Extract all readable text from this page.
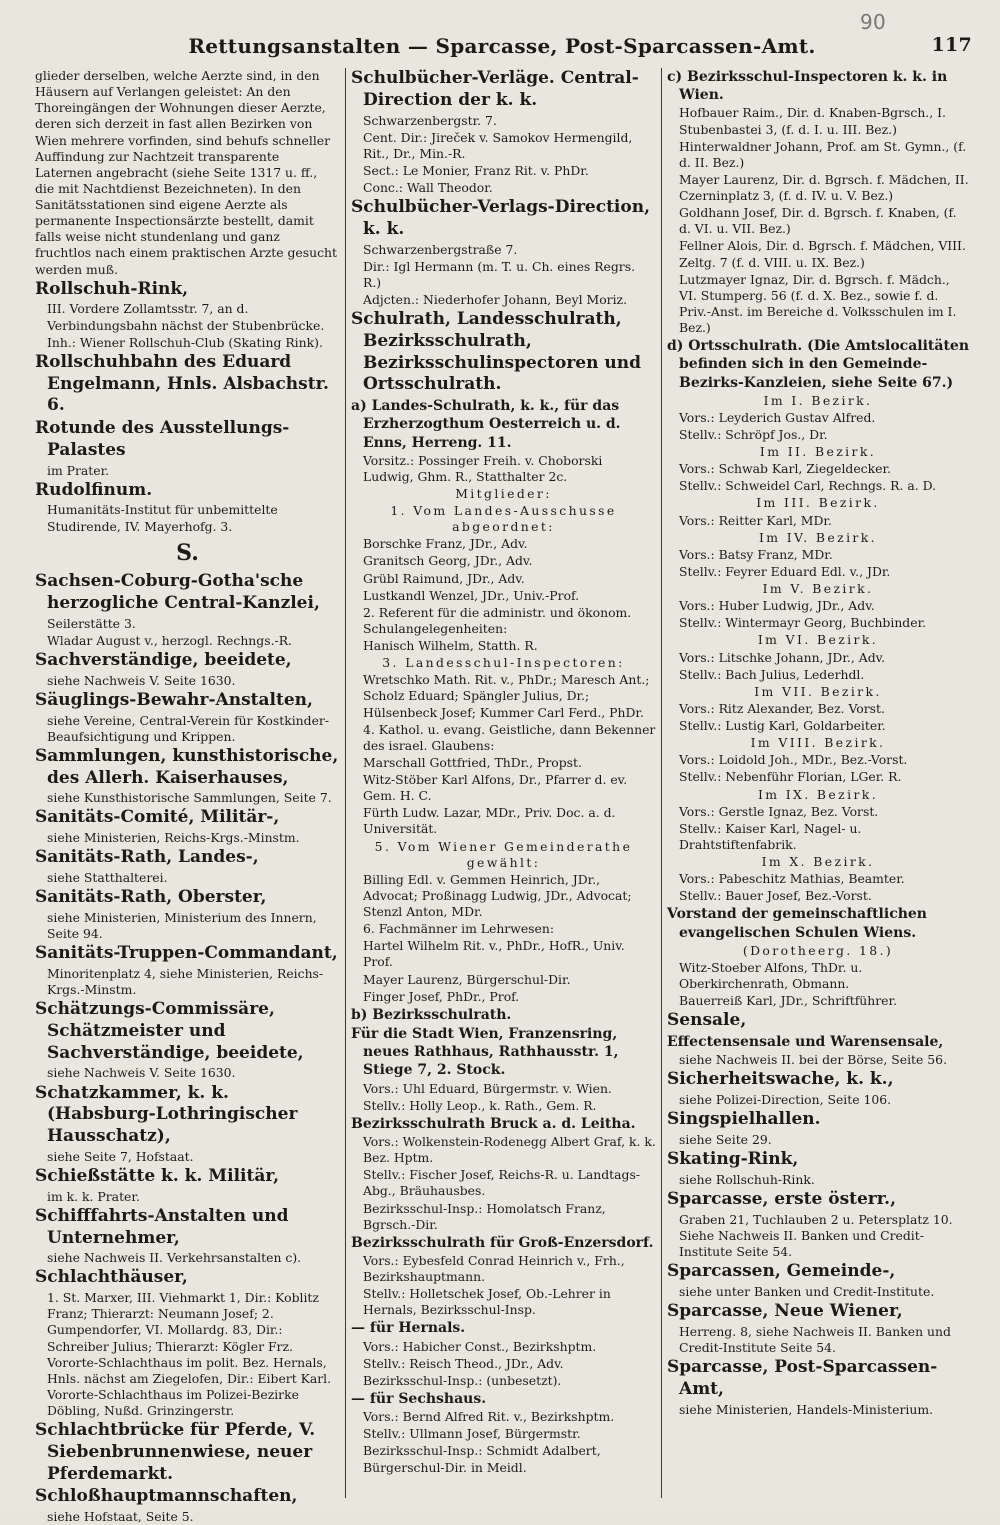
90
Rettungsanstalten — Sparcasse, Post-Sparcassen-Amt.	117
glieder derselben, welche Aerzte sind, in den Häusern auf Verlangen geleistet: An den Thoreingängen der Wohnungen dieser Aerzte, deren sich derzeit in fast allen Bezirken von Wien mehrere vorfinden, sind behufs schneller Auffindung zur Nachtzeit transparente Laternen angebracht (siehe Seite 1317 u. ff., die mit Nachtdienst Bezeichneten). In den Sanitätsstationen sind eigene Aerzte als permanente Inspectionsärzte bestellt, damit falls weise nicht stundenlang und ganz fruchtlos nach einem praktischen Arzte gesucht werden muß.
Rollschuh-Rink,
III. Vordere Zollamtsstr. 7, an d. Verbindungsbahn nächst der Stubenbrücke.
Inh.: Wiener Rollschuh-Club (Skating Rink).
Rollschuhbahn des Eduard Engelmann, Hnls. Alsbachstr. 6.
Rotunde des Ausstellungs-Palastes
im Prater.
Rudolfinum.
Humanitäts-Institut für unbemittelte Studirende, IV. Mayerhofg. 3.
S.
Sachsen-Coburg-Gotha'sche herzogliche Central-Kanzlei,
Seilerstätte 3.
Wladar August v., herzogl. Rechngs.-R.
Sachverständige, beeidete,
siehe Nachweis V. Seite 1630.
Säuglings-Bewahr-Anstalten,
siehe Vereine, Central-Verein für Kostkinder-Beaufsichtigung und Krippen.
Sammlungen, kunsthistorische, des Allerh. Kaiserhauses,
siehe Kunsthistorische Sammlungen, Seite 7.
Sanitäts-Comité, Militär-,
siehe Ministerien, Reichs-Krgs.-Minstm.
Sanitäts-Rath, Landes-,
siehe Statthalterei.
Sanitäts-Rath, Oberster,
siehe Ministerien, Ministerium des Innern, Seite 94.
Sanitäts-Truppen-Commandant,
Minoritenplatz 4, siehe Ministerien, Reichs-Krgs.-Minstm.
Schätzungs-Commissäre, Schätzmeister und Sachverständige, beeidete,
siehe Nachweis V. Seite 1630.
Schatzkammer, k. k. (Habsburg-Lothringischer Hausschatz),
siehe Seite 7, Hofstaat.
Schießstätte k. k. Militär,
im k. k. Prater.
Schifffahrts-Anstalten und Unternehmer,
siehe Nachweis II. Verkehrsanstalten c).
Schlachthäuser,
1. St. Marxer, III. Viehmarkt 1, Dir.: Koblitz Franz; Thierarzt: Neumann Josef; 2. Gumpendorfer, VI. Mollardg. 83, Dir.: Schreiber Julius; Thierarzt: Kögler Frz. Vororte-Schlachthaus im polit. Bez. Hernals, Hnls. nächst am Ziegelofen, Dir.: Eibert Karl. Vororte-Schlachthaus im Polizei-Bezirke Döbling, Nußd. Grinzingerstr.
Schlachtbrücke für Pferde, V. Siebenbrunnenwiese, neuer Pferdemarkt.
Schloßhauptmannschaften,
siehe Hofstaat, Seite 5.
Schulbücher-Verläge. Central-Direction der k. k.
Schwarzenbergstr. 7.
Cent. Dir.: Jireček v. Samokov Hermengild, Rit., Dr., Min.-R.
Sect.: Le Monier, Franz Rit. v. PhDr.
Conc.: Wall Theodor.
Schulbücher-Verlags-Direction, k. k.
Schwarzenbergstraße 7.
Dir.: Igl Hermann (m. T. u. Ch. eines Regrs. R.)
Adjcten.: Niederhofer Johann, Beyl Moriz.
Schulrath, Landesschulrath, Bezirksschulrath, Bezirksschulinspectoren und Ortsschulrath.
a) Landes-Schulrath, k. k., für das Erzherzogthum Oesterreich u. d. Enns, Herreng. 11.
Vorsitz.: Possinger Freih. v. Choborski Ludwig, Ghm. R., Statthalter 2c.
Mitglieder:
1. Vom Landes-Ausschusse abgeordnet:
Borschke Franz, JDr., Adv.
Granitsch Georg, JDr., Adv.
Grübl Raimund, JDr., Adv.
Lustkandl Wenzel, JDr., Univ.-Prof.
2. Referent für die administr. und ökonom. Schulangelegenheiten:
Hanisch Wilhelm, Statth. R.
3. Landesschul-Inspectoren:
Wretschko Math. Rit. v., PhDr.; Maresch Ant.; Scholz Eduard; Spängler Julius, Dr.; Hülsenbeck Josef; Kummer Carl Ferd., PhDr.
4. Kathol. u. evang. Geistliche, dann Bekenner des israel. Glaubens:
Marschall Gottfried, ThDr., Propst.
Witz-Stöber Karl Alfons, Dr., Pfarrer d. ev. Gem. H. C.
Fürth Ludw. Lazar, MDr., Priv. Doc. a. d. Universität.
5. Vom Wiener Gemeinderathe gewählt:
Billing Edl. v. Gemmen Heinrich, JDr., Advocat; Proßinagg Ludwig, JDr., Advocat; Stenzl Anton, MDr.
6. Fachmänner im Lehrwesen:
Hartel Wilhelm Rit. v., PhDr., HofR., Univ. Prof.
Mayer Laurenz, Bürgerschul-Dir.
Finger Josef, PhDr., Prof.
b) Bezirksschulrath.
Für die Stadt Wien, Franzensring, neues Rathhaus, Rathhausstr. 1, Stiege 7, 2. Stock.
Vors.: Uhl Eduard, Bürgermstr. v. Wien.
Stellv.: Holly Leop., k. Rath., Gem. R.
Bezirksschulrath Bruck a. d. Leitha.
Vors.: Wolkenstein-Rodenegg Albert Graf, k. k. Bez. Hptm.
Stellv.: Fischer Josef, Reichs-R. u. Landtags-Abg., Bräuhausbes.
Bezirksschul-Insp.: Homolatsch Franz, Bgrsch.-Dir.
Bezirksschulrath für Groß-Enzersdorf.
Vors.: Eybesfeld Conrad Heinrich v., Frh., Bezirkshauptmann.
Stellv.: Holletschek Josef, Ob.-Lehrer in Hernals, Bezirksschul-Insp.
— für Hernals.
Vors.: Habicher Const., Bezirkshptm.
Stellv.: Reisch Theod., JDr., Adv.
Bezirksschul-Insp.: (unbesetzt).
— für Sechshaus.
Vors.: Bernd Alfred Rit. v., Bezirkshptm.
Stellv.: Ullmann Josef, Bürgermstr.
Bezirksschul-Insp.: Schmidt Adalbert, Bürgerschul-Dir. in Meidl.
c) Bezirksschul-Inspectoren k. k. in Wien.
Hofbauer Raim., Dir. d. Knaben-Bgrsch., I. Stubenbastei 3, (f. d. I. u. III. Bez.)
Hinterwaldner Johann, Prof. am St. Gymn., (f. d. II. Bez.)
Mayer Laurenz, Dir. d. Bgrsch. f. Mädchen, II. Czerninplatz 3, (f. d. IV. u. V. Bez.)
Goldhann Josef, Dir. d. Bgrsch. f. Knaben, (f. d. VI. u. VII. Bez.)
Fellner Alois, Dir. d. Bgrsch. f. Mädchen, VIII. Zeltg. 7 (f. d. VIII. u. IX. Bez.)
Lutzmayer Ignaz, Dir. d. Bgrsch. f. Mädch., VI. Stumperg. 56 (f. d. X. Bez., sowie f. d. Priv.-Anst. im Bereiche d. Volksschulen im I. Bez.)
d) Ortsschulrath. (Die Amtslocalitäten befinden sich in den Gemeinde-Bezirks-Kanzleien, siehe Seite 67.)
Im I. Bezirk.
Vors.: Leyderich Gustav Alfred.
Stellv.: Schröpf Jos., Dr.
Im II. Bezirk.
Vors.: Schwab Karl, Ziegeldecker.
Stellv.: Schweidel Carl, Rechngs. R. a. D.
Im III. Bezirk.
Vors.: Reitter Karl, MDr.
Im IV. Bezirk.
Vors.: Batsy Franz, MDr.
Stellv.: Feyrer Eduard Edl. v., JDr.
Im V. Bezirk.
Vors.: Huber Ludwig, JDr., Adv.
Stellv.: Wintermayr Georg, Buchbinder.
Im VI. Bezirk.
Vors.: Litschke Johann, JDr., Adv.
Stellv.: Bach Julius, Lederhdl.
Im VII. Bezirk.
Vors.: Ritz Alexander, Bez. Vorst.
Stellv.: Lustig Karl, Goldarbeiter.
Im VIII. Bezirk.
Vors.: Loidold Joh., MDr., Bez.-Vorst.
Stellv.: Nebenführ Florian, LGer. R.
Im IX. Bezirk.
Vors.: Gerstle Ignaz, Bez. Vorst.
Stellv.: Kaiser Karl, Nagel- u. Drahtstiftenfabrik.
Im X. Bezirk.
Vors.: Pabeschitz Mathias, Beamter.
Stellv.: Bauer Josef, Bez.-Vorst.
Vorstand der gemeinschaftlichen evangelischen Schulen Wiens.
(Dorotheerg. 18.)
Witz-Stoeber Alfons, ThDr. u. Oberkirchenrath, Obmann.
Bauerreiß Karl, JDr., Schriftführer.
Sensale,
Effectensensale und Warensensale,
siehe Nachweis II. bei der Börse, Seite 56.
Sicherheitswache, k. k.,
siehe Polizei-Direction, Seite 106.
Singspielhallen.
siehe Seite 29.
Skating-Rink,
siehe Rollschuh-Rink.
Sparcasse, erste österr.,
Graben 21, Tuchlauben 2 u. Petersplatz 10. Siehe Nachweis II. Banken und Credit-Institute Seite 54.
Sparcassen, Gemeinde-,
siehe unter Banken und Credit-Institute.
Sparcasse, Neue Wiener,
Herreng. 8, siehe Nachweis II. Banken und Credit-Institute Seite 54.
Sparcasse, Post-Sparcassen-Amt,
siehe Ministerien, Handels-Ministerium.
